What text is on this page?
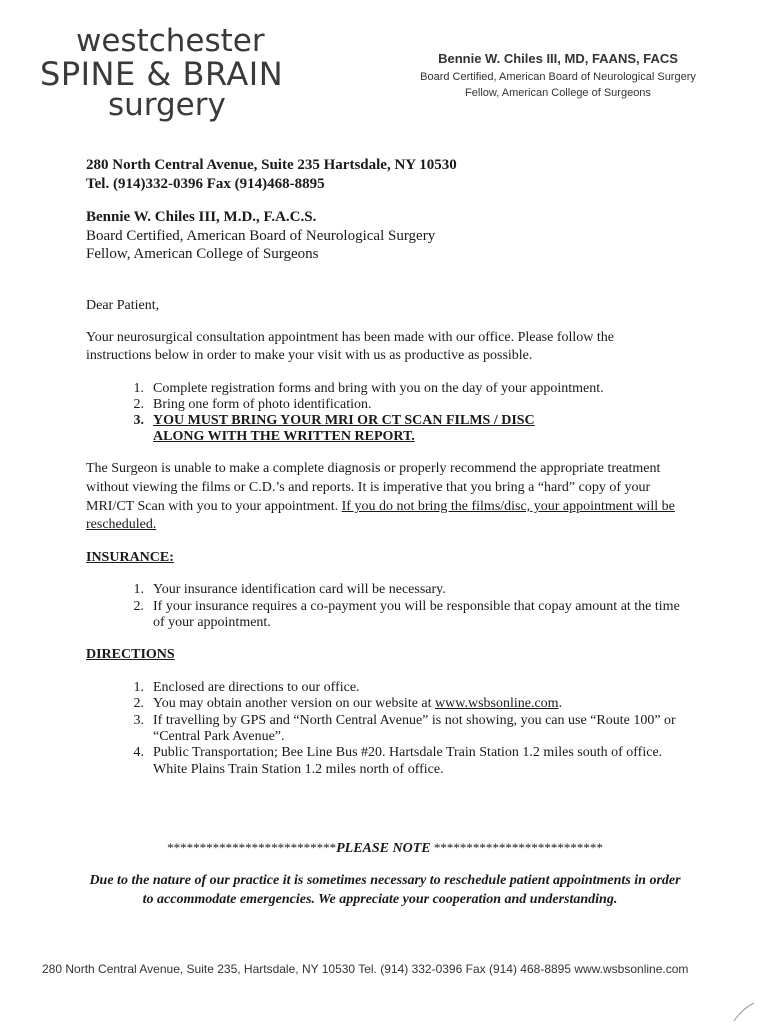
westchester
SPINE & BRAIN
surgery
Bennie W. Chiles III, MD, FAANS, FACS
Board Certified, American Board of Neurological Surgery
Fellow, American College of Surgeons
280 North Central Avenue, Suite 235 Hartsdale, NY 10530
Tel. (914)332-0396 Fax (914)468-8895
Bennie W. Chiles III, M.D., F.A.C.S.
Board Certified, American Board of Neurological Surgery
Fellow, American College of Surgeons
Dear Patient,
Your neurosurgical consultation appointment has been made with our office. Please follow the
instructions below in order to make your visit with us as productive as possible.
1. Complete registration forms and bring with you on the day of your appointment.
2. Bring one form of photo identification.
3. YOU MUST BRING YOUR MRI OR CT SCAN FILMS / DISC
ALONG WITH THE WRITTEN REPORT.
The Surgeon is unable to make a complete diagnosis or properly recommend the appropriate treatment
without viewing the films or C.D.’s and reports. It is imperative that you bring a “hard” copy of your
MRI/CT Scan with you to your appointment. If you do not bring the films/disc, your appointment will be
rescheduled.
INSURANCE:
1. Your insurance identification card will be necessary.
2. If your insurance requires a co-payment you will be responsible that copay amount at the time
of your appointment.
DIRECTIONS
1. Enclosed are directions to our office.
2. You may obtain another version on our website at www.wsbsonline.com.
3. If travelling by GPS and “North Central Avenue” is not showing, you can use “Route 100” or
“Central Park Avenue”.
4. Public Transportation; Bee Line Bus #20. Hartsdale Train Station 1.2 miles south of office.
White Plains Train Station 1.2 miles north of office.
**************************PLEASE NOTE **************************
Due to the nature of our practice it is sometimes necessary to reschedule patient appointments in order
to accommodate emergencies. We appreciate your cooperation and understanding.
280 North Central Avenue, Suite 235, Hartsdale, NY 10530 Tel. (914) 332-0396 Fax (914) 468-8895 www.wsbsonline.com
